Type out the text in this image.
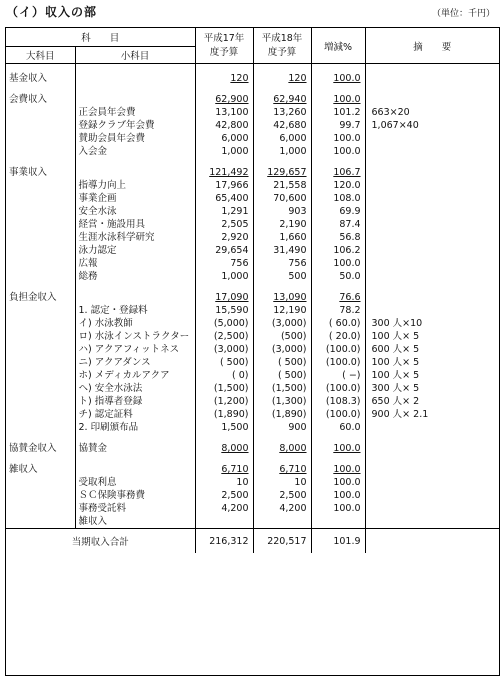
（イ）収入の部	（単位：千円）
科　　目		平成17年度予算	平成18年度予算	増減%	摘　　要
大科目	小科目				

基金収入		120	120	100.0	

会費収入		62,900	62,940	100.0	
	正会員年会費	13,100	13,260	101.2	663×20
	登録クラブ年会費	42,800	42,680	99.7	1,067×40
	賛助会員年会費	6,000	6,000	100.0	
	入会金	1,000	1,000	100.0	

事業収入		121,492	129,657	106.7	
	指導力向上	17,966	21,558	120.0	
	事業企画	65,400	70,600	108.0	
	安全水泳	1,291	903	69.9	
	経営・施設用具	2,505	2,190	87.4	
	生涯水泳科学研究	2,920	1,660	56.8	
	泳力認定	29,654	31,490	106.2	
	広報	756	756	100.0	
	総務	1,000	500	50.0	

負担金収入		17,090	13,090	76.6	
	1. 認定・登録料	15,590	12,190	78.2	
	イ) 水泳教師	(5,000)	(3,000)	( 60.0)	300 人×10
	ロ) 水泳インストラクター	(2,500)	(500)	( 20.0)	100 人× 5
	ハ) アクアフィットネス	(3,000)	(3,000)	(100.0)	600 人× 5
	ニ) アクアダンス	( 500)	( 500)	(100.0)	100 人× 5
	ホ) メディカルアクア	( 0)	( 500)	( −)	100 人× 5
	ヘ) 安全水泳法	(1,500)	(1,500)	(100.0)	300 人× 5
	ト) 指導者登録	(1,200)	(1,300)	(108.3)	650 人× 2
	チ) 認定証料	(1,890)	(1,890)	(100.0)	900 人× 2.1
	2. 印刷頒布品	1,500	900	60.0	

協賛金収入	協賛金	8,000	8,000	100.0	

雑収入		6,710	6,710	100.0	
	受取利息	10	10	100.0	
	ＳＣ保険事務費	2,500	2,500	100.0	
	事務受託料	4,200	4,200	100.0	
	雑収入				
当期収入合計		216,312	220,517	101.9	
